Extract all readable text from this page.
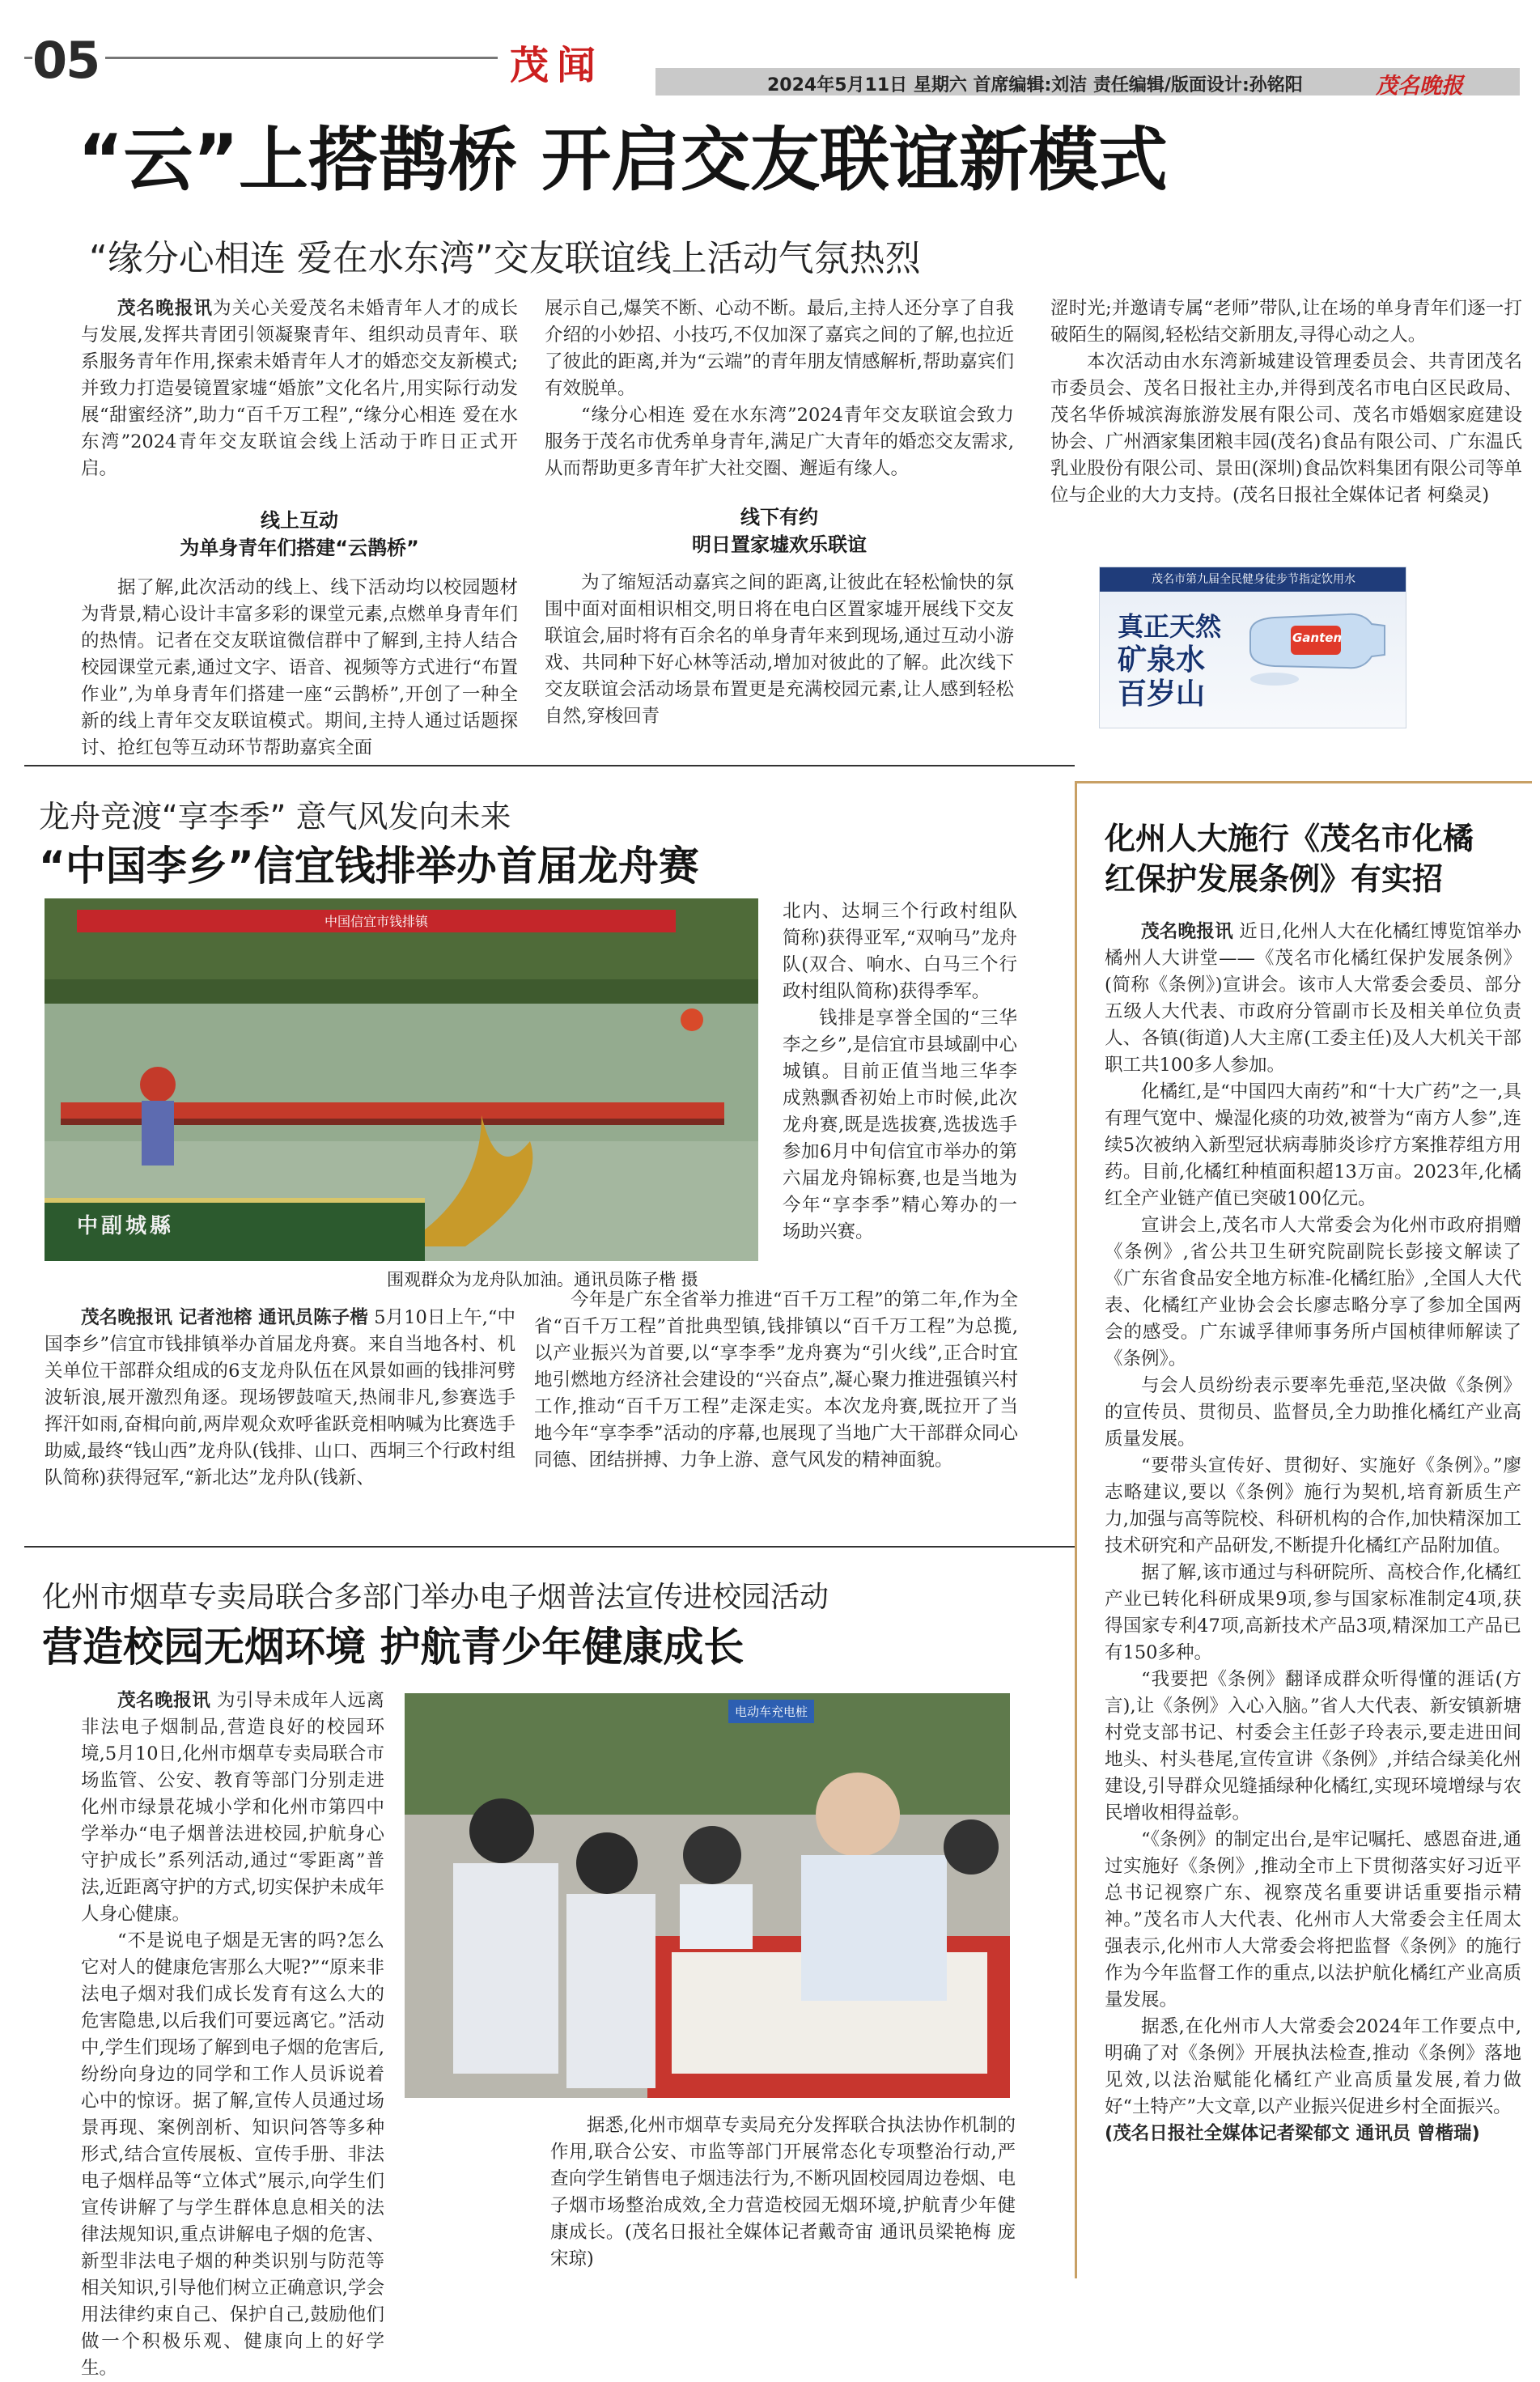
05	茂闻	2024年5月11日 星期六 首席编辑:刘洁 责任编辑/版面设计:孙铭阳	茂名晚报
“云”上搭鹊桥 开启交友联谊新模式
“缘分心相连 爱在水东湾”交友联谊线上活动气氛热烈

茂名晚报讯为关心关爱茂名未婚青年人才的成长与发展,发挥共青团引领凝聚青年、组织动员青年、联系服务青年作用,探索未婚青年人才的婚恋交友新模式;并致力打造晏镜置家墟“婚旅”文化名片,用实际行动发展“甜蜜经济”,助力“百千万工程”,“缘分心相连 爱在水东湾”2024青年交友联谊会线上活动于昨日正式开启。

线上互动
为单身青年们搭建“云鹊桥”

据了解,此次活动的线上、线下活动均以校园题材为背景,精心设计丰富多彩的课堂元素,点燃单身青年们的热情。记者在交友联谊微信群中了解到,主持人结合校园课堂元素,通过文字、语音、视频等方式进行“布置作业”,为单身青年们搭建一座“云鹊桥”,开创了一种全新的线上青年交友联谊模式。期间,主持人通过话题探讨、抢红包等互动环节帮助嘉宾全面

展示自己,爆笑不断、心动不断。最后,主持人还分享了自我介绍的小妙招、小技巧,不仅加深了嘉宾之间的了解,也拉近了彼此的距离,并为“云端”的青年朋友情感解析,帮助嘉宾们有效脱单。

“缘分心相连 爱在水东湾”2024青年交友联谊会致力服务于茂名市优秀单身青年,满足广大青年的婚恋交友需求,从而帮助更多青年扩大社交圈、邂逅有缘人。

线下有约
明日置家墟欢乐联谊

为了缩短活动嘉宾之间的距离,让彼此在轻松愉快的氛围中面对面相识相交,明日将在电白区置家墟开展线下交友联谊会,届时将有百余名的单身青年来到现场,通过互动小游戏、共同种下好心林等活动,增加对彼此的了解。此次线下交友联谊会活动场景布置更是充满校园元素,让人感到轻松自然,穿梭回青

涩时光;并邀请专属“老师”带队,让在场的单身青年们逐一打破陌生的隔阂,轻松结交新朋友,寻得心动之人。

本次活动由水东湾新城建设管理委员会、共青团茂名市委员会、茂名日报社主办,并得到茂名市电白区民政局、茂名华侨城滨海旅游发展有限公司、茂名市婚姻家庭建设协会、广州酒家集团粮丰园(茂名)食品有限公司、广东温氏乳业股份有限公司、景田(深圳)食品饮料集团有限公司等单位与企业的大力支持。(茂名日报社全媒体记者 柯燊灵)

茂名市第九届全民健身徒步节指定饮用水
真正天然
矿泉水
百岁山
Ganten
龙舟竞渡“享李季” 意气风发向未来
“中国李乡”信宜钱排举办首届龙舟赛
中国信宜市钱排镇
中副城縣
围观群众为龙舟队加油。通讯员陈子楷 摄

北内、达垌三个行政村组队简称)获得亚军,“双响马”龙舟队(双合、响水、白马三个行政村组队简称)获得季军。

钱排是享誉全国的“三华李之乡”,是信宜市县域副中心城镇。目前正值当地三华李成熟飘香初始上市时候,此次龙舟赛,既是选拔赛,选拔选手参加6月中旬信宜市举办的第六届龙舟锦标赛,也是当地为今年“享李季”精心筹办的一场助兴赛。

茂名晚报讯 记者池榕 通讯员陈子楷 5月10日上午,“中国李乡”信宜市钱排镇举办首届龙舟赛。来自当地各村、机关单位干部群众组成的6支龙舟队伍在风景如画的钱排河劈波斩浪,展开激烈角逐。现场锣鼓喧天,热闹非凡,参赛选手挥汗如雨,奋楫向前,两岸观众欢呼雀跃竞相呐喊为比赛选手助威,最终“钱山西”龙舟队(钱排、山口、西垌三个行政村组队简称)获得冠军,“新北达”龙舟队(钱新、

今年是广东全省举力推进“百千万工程”的第二年,作为全省“百千万工程”首批典型镇,钱排镇以“百千万工程”为总揽,以产业振兴为首要,以“享李季”龙舟赛为“引火线”,正合时宜地引燃地方经济社会建设的“兴奋点”,凝心聚力推进强镇兴村工作,推动“百千万工程”走深走实。本次龙舟赛,既拉开了当地今年“享李季”活动的序幕,也展现了当地广大干部群众同心同德、团结拼搏、力争上游、意气风发的精神面貌。

化州市烟草专卖局联合多部门举办电子烟普法宣传进校园活动
营造校园无烟环境 护航青少年健康成长

茂名晚报讯 为引导未成年人远离非法电子烟制品,营造良好的校园环境,5月10日,化州市烟草专卖局联合市场监管、公安、教育等部门分别走进化州市绿景花城小学和化州市第四中学举办“电子烟普法进校园,护航身心守护成长”系列活动,通过“零距离”普法,近距离守护的方式,切实保护未成年人身心健康。

“不是说电子烟是无害的吗?怎么它对人的健康危害那么大呢?”“原来非法电子烟对我们成长发育有这么大的危害隐患,以后我们可要远离它。”活动中,学生们现场了解到电子烟的危害后,纷纷向身边的同学和工作人员诉说着心中的惊讶。据了解,宣传人员通过场景再现、案例剖析、知识问答等多种形式,结合宣传展板、宣传手册、非法电子烟样品等“立体式”展示,向学生们宣传讲解了与学生群体息息相关的法律法规知识,重点讲解电子烟的危害、新型非法电子烟的种类识别与防范等相关知识,引导他们树立正确意识,学会用法律约束自己、保护自己,鼓励他们做一个积极乐观、健康向上的好学生。

电动车充电桩

据悉,化州市烟草专卖局充分发挥联合执法协作机制的作用,联合公安、市监等部门开展常态化专项整治行动,严查向学生销售电子烟违法行为,不断巩固校园周边卷烟、电子烟市场整治成效,全力营造校园无烟环境,护航青少年健康成长。(茂名日报社全媒体记者戴奇宙 通讯员梁艳梅 庞宋琼)

化州人大施行《茂名市化橘
红保护发展条例》有实招

茂名晚报讯 近日,化州人大在化橘红博览馆举办橘州人大讲堂——《茂名市化橘红保护发展条例》(简称《条例》)宣讲会。该市人大常委会委员、部分五级人大代表、市政府分管副市长及相关单位负责人、各镇(街道)人大主席(工委主任)及人大机关干部职工共100多人参加。

化橘红,是“中国四大南药”和“十大广药”之一,具有理气宽中、燥湿化痰的功效,被誉为“南方人参”,连续5次被纳入新型冠状病毒肺炎诊疗方案推荐组方用药。目前,化橘红种植面积超13万亩。2023年,化橘红全产业链产值已突破100亿元。

宣讲会上,茂名市人大常委会为化州市政府捐赠《条例》,省公共卫生研究院副院长彭接文解读了《广东省食品安全地方标准-化橘红胎》,全国人大代表、化橘红产业协会会长廖志略分享了参加全国两会的感受。广东诚孚律师事务所卢国桢律师解读了《条例》。

与会人员纷纷表示要率先垂范,坚决做《条例》的宣传员、贯彻员、监督员,全力助推化橘红产业高质量发展。

“要带头宣传好、贯彻好、实施好《条例》。”廖志略建议,要以《条例》施行为契机,培育新质生产力,加强与高等院校、科研机构的合作,加快精深加工技术研究和产品研发,不断提升化橘红产品附加值。

据了解,该市通过与科研院所、高校合作,化橘红产业已转化科研成果9项,参与国家标准制定4项,获得国家专利47项,高新技术产品3项,精深加工产品已有150多种。

“我要把《条例》翻译成群众听得懂的涯话(方言),让《条例》入心入脑。”省人大代表、新安镇新塘村党支部书记、村委会主任彭子玲表示,要走进田间地头、村头巷尾,宣传宣讲《条例》,并结合绿美化州建设,引导群众见缝插绿种化橘红,实现环境增绿与农民增收相得益彰。

“《条例》的制定出台,是牢记嘱托、感恩奋进,通过实施好《条例》,推动全市上下贯彻落实好习近平总书记视察广东、视察茂名重要讲话重要指示精神。”茂名市人大代表、化州市人大常委会主任周太强表示,化州市人大常委会将把监督《条例》的施行作为今年监督工作的重点,以法护航化橘红产业高质量发展。

据悉,在化州市人大常委会2024年工作要点中,明确了对《条例》开展执法检查,推动《条例》落地见效,以法治赋能化橘红产业高质量发展,着力做好“土特产”大文章,以产业振兴促进乡村全面振兴。

(茂名日报社全媒体记者梁郁文 通讯员 曾楷瑞)
